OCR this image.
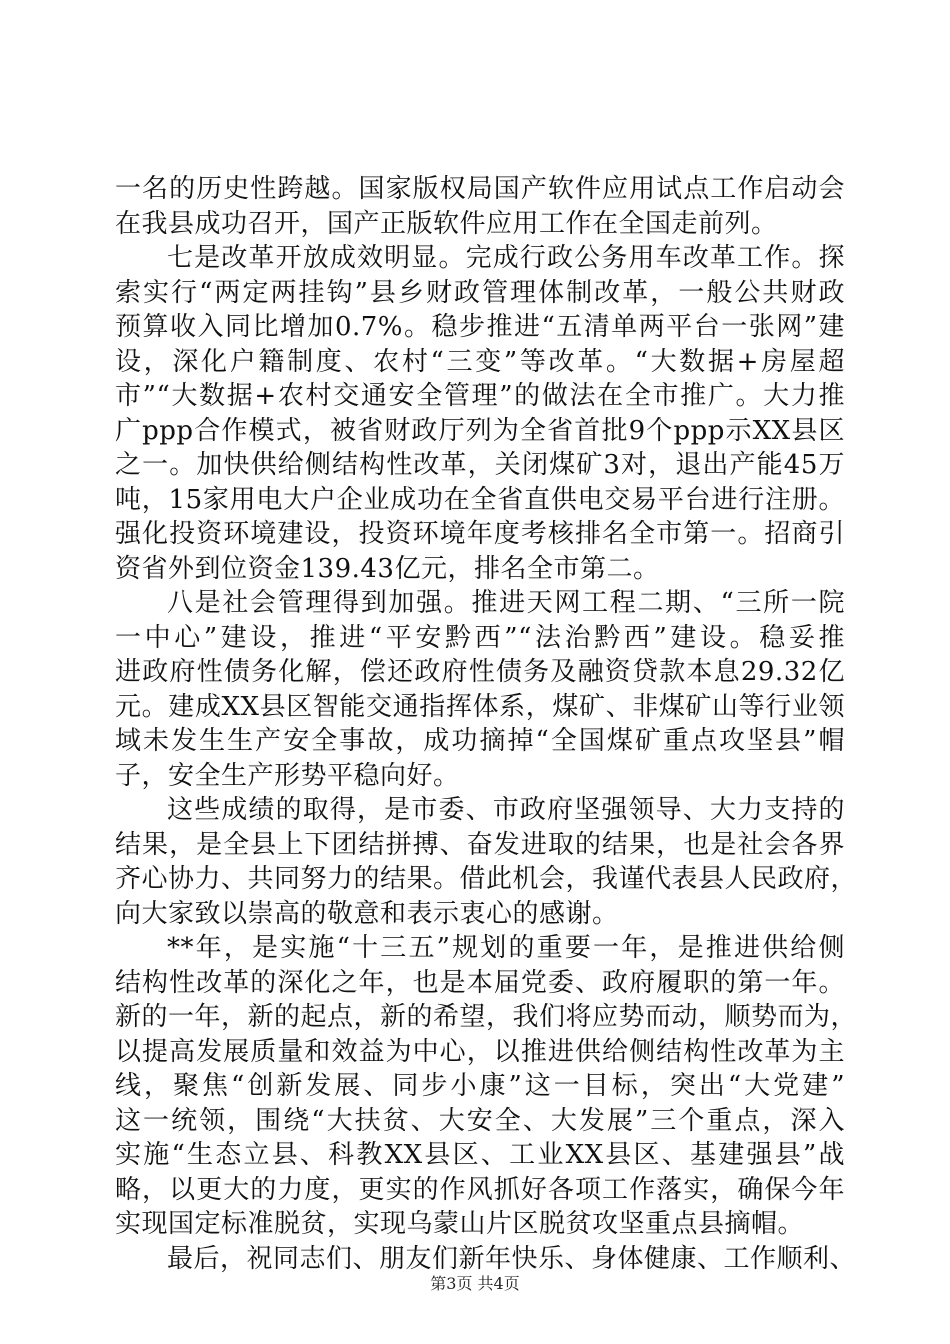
一名的历史性跨越。国家版权局国产软件应用试点工作启动会
在我县成功召开，国产正版软件应用工作在全国走前列。
七是改革开放成效明显。完成行政公务用车改革工作。探
索实行“两定两挂钩”县乡财政管理体制改革，一般公共财政
预算收入同比增加0.7%。稳步推进“五清单两平台一张网”建
设，深化户籍制度、农村“三变”等改革。“大数据+房屋超
市”“大数据+农村交通安全管理”的做法在全市推广。大力推
广ppp合作模式，被省财政厅列为全省首批9个ppp示XX县区
之一。加快供给侧结构性改革，关闭煤矿3对，退出产能45万
吨，15家用电大户企业成功在全省直供电交易平台进行注册。
强化投资环境建设，投资环境年度考核排名全市第一。招商引
资省外到位资金139.43亿元，排名全市第二。
八是社会管理得到加强。推进天网工程二期、“三所一院
一中心”建设，推进“平安黔西”“法治黔西”建设。稳妥推
进政府性债务化解，偿还政府性债务及融资贷款本息29.32亿
元。建成XX县区智能交通指挥体系，煤矿、非煤矿山等行业领
域未发生生产安全事故，成功摘掉“全国煤矿重点攻坚县”帽
子，安全生产形势平稳向好。
这些成绩的取得，是市委、市政府坚强领导、大力支持的
结果，是全县上下团结拼搏、奋发进取的结果，也是社会各界
齐心协力、共同努力的结果。借此机会，我谨代表县人民政府，
向大家致以崇高的敬意和表示衷心的感谢。
**年，是实施“十三五”规划的重要一年，是推进供给侧
结构性改革的深化之年，也是本届党委、政府履职的第一年。
新的一年，新的起点，新的希望，我们将应势而动，顺势而为，
以提高发展质量和效益为中心，以推进供给侧结构性改革为主
线，聚焦“创新发展、同步小康”这一目标，突出“大党建”
这一统领，围绕“大扶贫、大安全、大发展”三个重点，深入
实施“生态立县、科教XX县区、工业XX县区、基建强县”战
略，以更大的力度，更实的作风抓好各项工作落实，确保今年
实现国定标准脱贫，实现乌蒙山片区脱贫攻坚重点县摘帽。
最后，祝同志们、朋友们新年快乐、身体健康、工作顺利、
第3页 共4页
